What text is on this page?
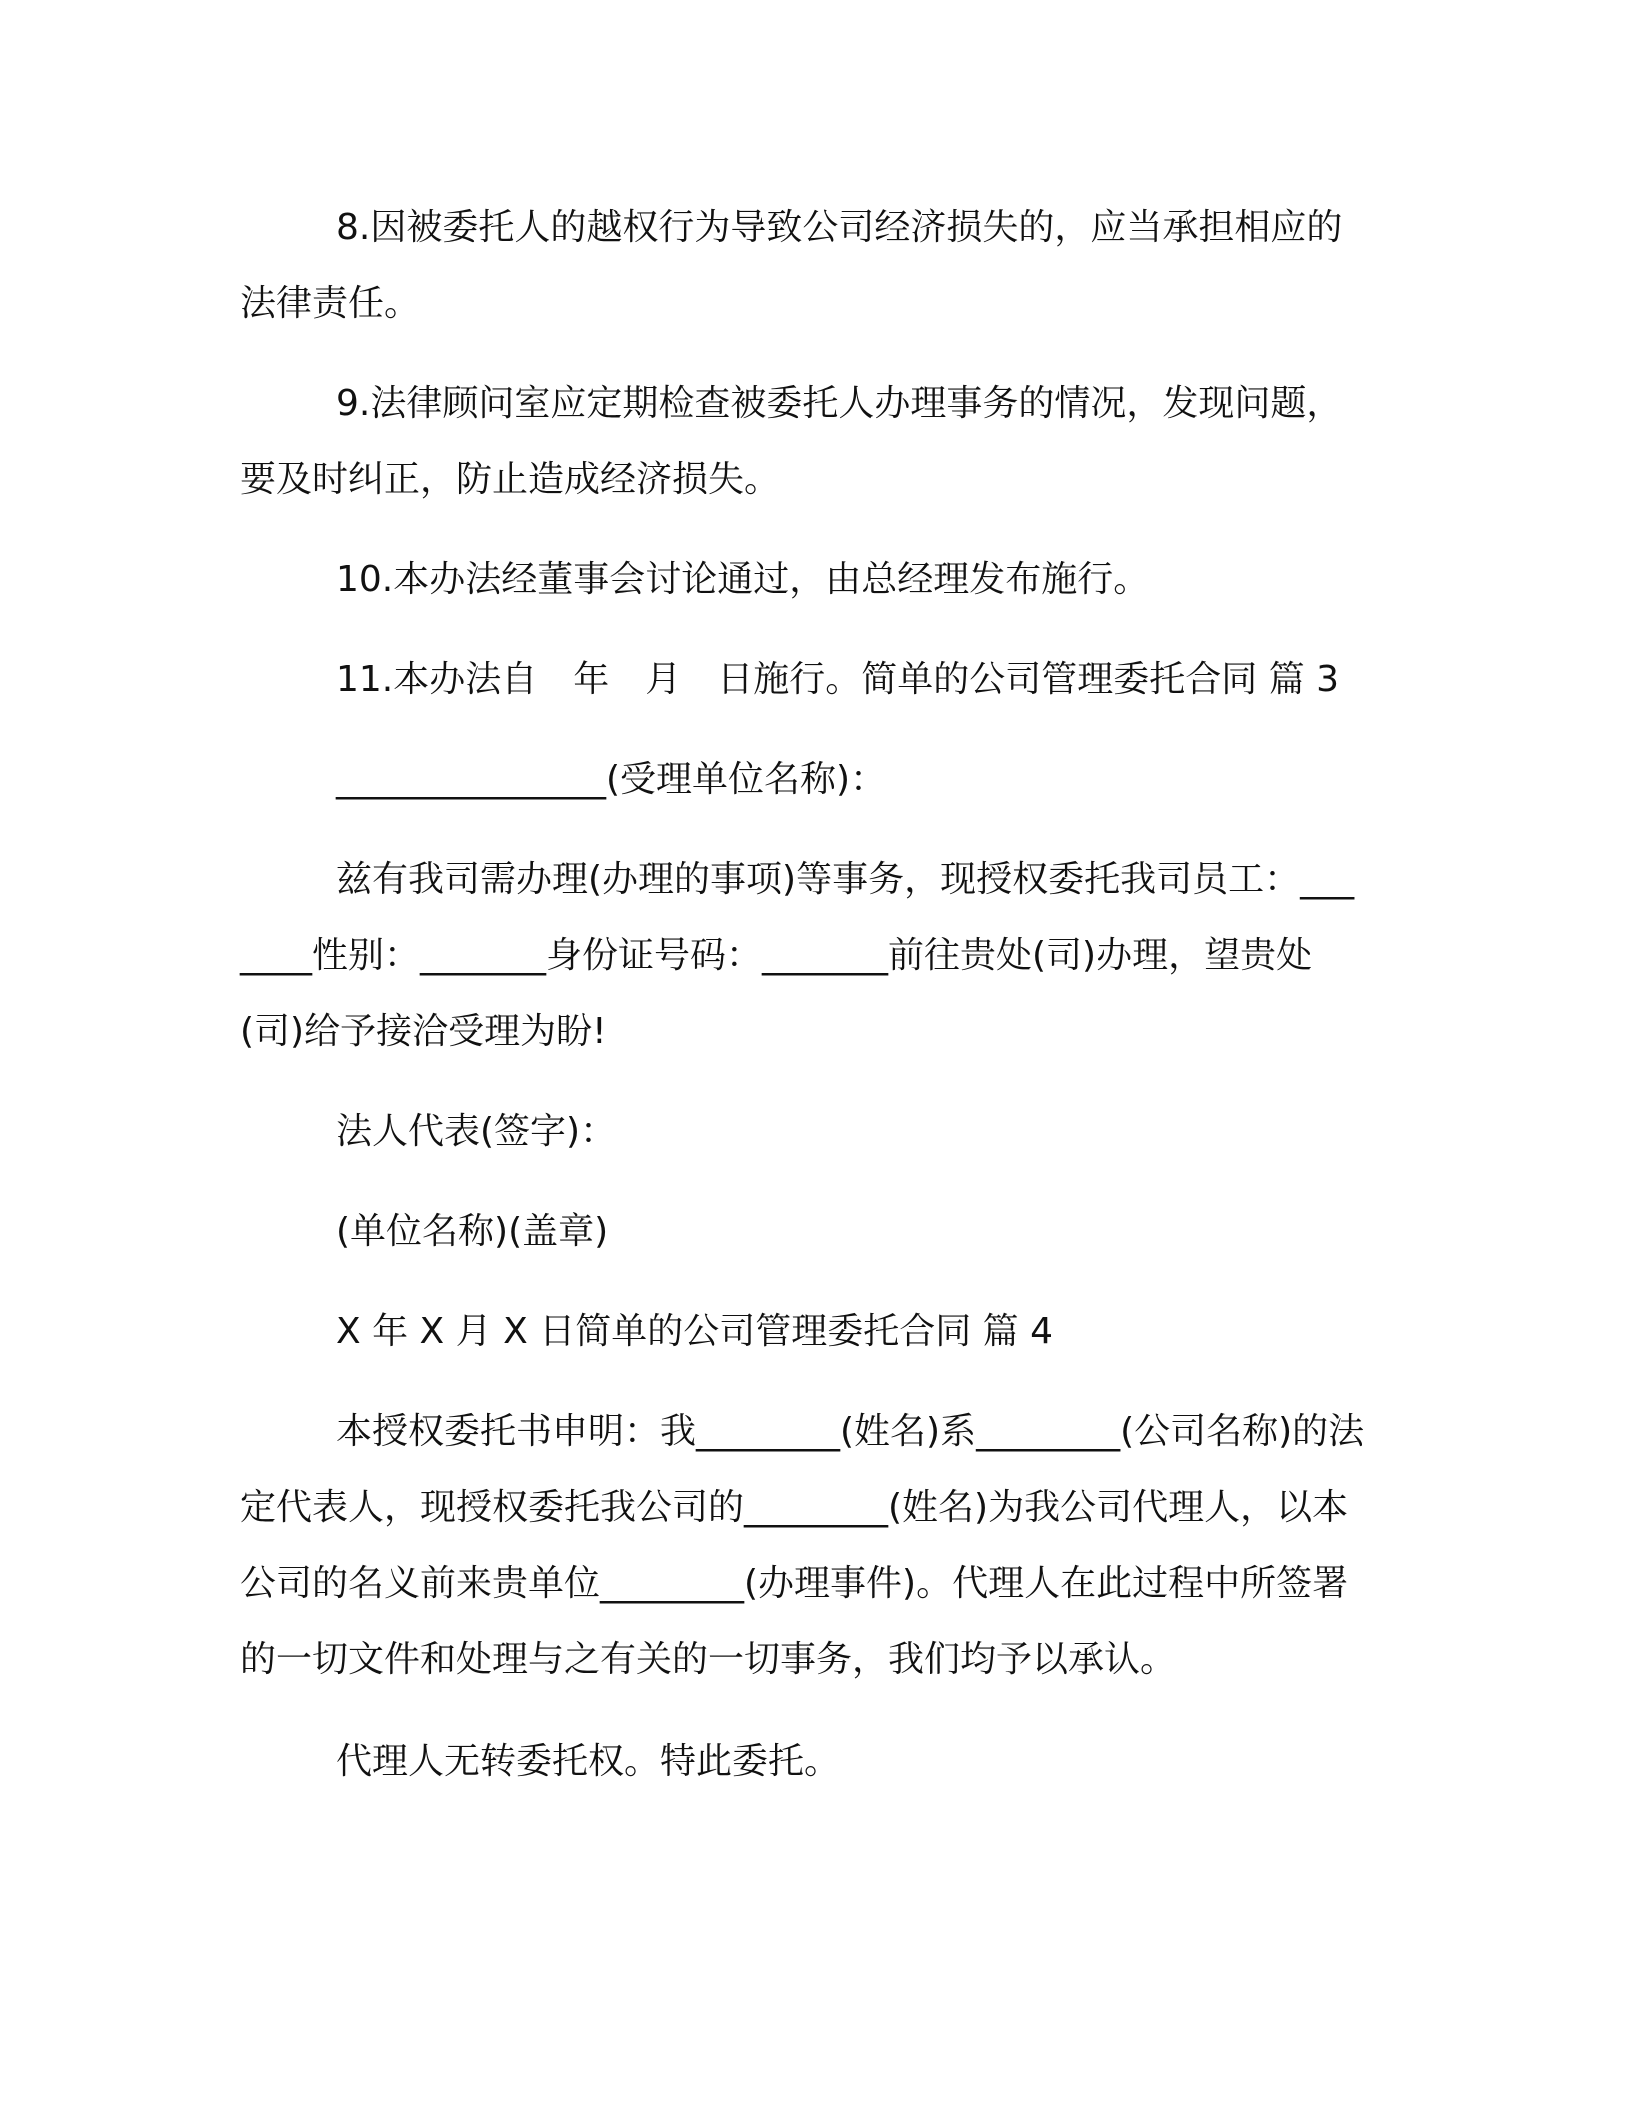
8.因被委托人的越权行为导致公司经济损失的，应当承担相应的法律责任。

9.法律顾问室应定期检查被委托人办理事务的情况，发现问题，要及时纠正，防止造成经济损失。

10.本办法经董事会讨论通过，由总经理发布施行。

11.本办法自　年　月　日施行。简单的公司管理委托合同 篇 3

_______________(受理单位名称)：

兹有我司需办理(办理的事项)等事务，现授权委托我司员工：_______性别：_______身份证号码：_______前往贵处(司)办理，望贵处(司)给予接洽受理为盼!

法人代表(签字)：

(单位名称)(盖章)

X 年 X 月 X 日简单的公司管理委托合同 篇 4

本授权委托书申明：我________(姓名)系________(公司名称)的法定代表人，现授权委托我公司的________(姓名)为我公司代理人，以本公司的名义前来贵单位________(办理事件)。代理人在此过程中所签署的一切文件和处理与之有关的一切事务，我们均予以承认。

代理人无转委托权。特此委托。
